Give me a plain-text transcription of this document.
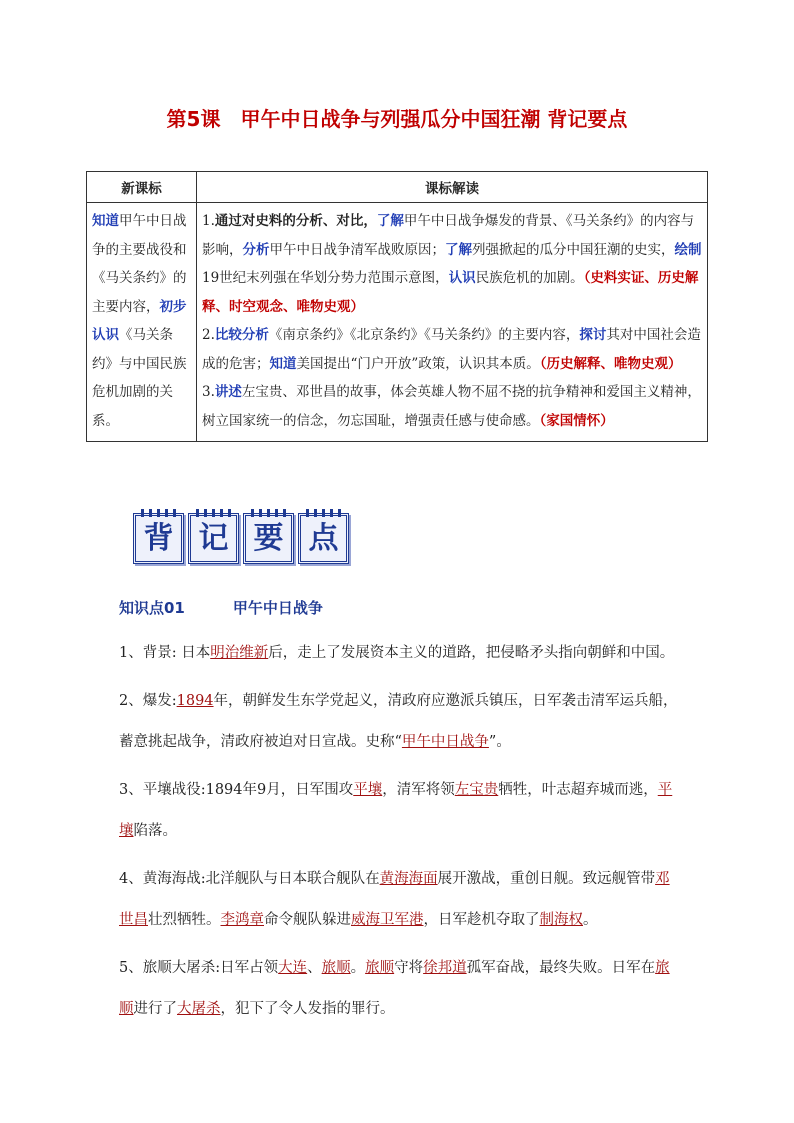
第5课　甲午中日战争与列强瓜分中国狂潮 背记要点
新课标	课标解读
知道甲午中日战争的主要战役和《马关条约》的主要内容，初步认识《马关条约》与中国民族危机加剧的关系。	1.通过对史料的分析、对比，了解甲午中日战争爆发的背景、《马关条约》的内容与影响，分析甲午中日战争清军战败原因；了解列强掀起的瓜分中国狂潮的史实，绘制19世纪末列强在华划分势力范围示意图，认识民族危机的加剧。（史料实证、历史解释、时空观念、唯物史观）
2.比较分析《南京条约》《北京条约》《马关条约》的主要内容，探讨其对中国社会造成的危害；知道美国提出“门户开放”政策，认识其本质。（历史解释、唯物史观）
3.讲述左宝贵、邓世昌的故事，体会英雄人物不屈不挠的抗争精神和爱国主义精神，树立国家统一的信念，勿忘国耻，增强责任感与使命感。（家国情怀）
背 记 要 点
知识点01	甲午中日战争

1、背景: 日本明治维新后，走上了发展资本主义的道路，把侵略矛头指向朝鲜和中国。

2、爆发:1894年，朝鲜发生东学党起义，清政府应邀派兵镇压，日军袭击清军运兵船，蓄意挑起战争，清政府被迫对日宣战。史称“甲午中日战争”。

3、平壤战役:1894年9月，日军围攻平壤，清军将领左宝贵牺牲，叶志超弃城而逃，平壤陷落。

4、黄海海战:北洋舰队与日本联合舰队在黄海海面展开激战，重创日舰。致远舰管带邓世昌壮烈牺牲。李鸿章命令舰队躲进威海卫军港，日军趁机夺取了制海权。

5、旅顺大屠杀:日军占领大连、旅顺。旅顺守将徐邦道孤军奋战，最终失败。日军在旅顺进行了大屠杀，犯下了令人发指的罪行。
